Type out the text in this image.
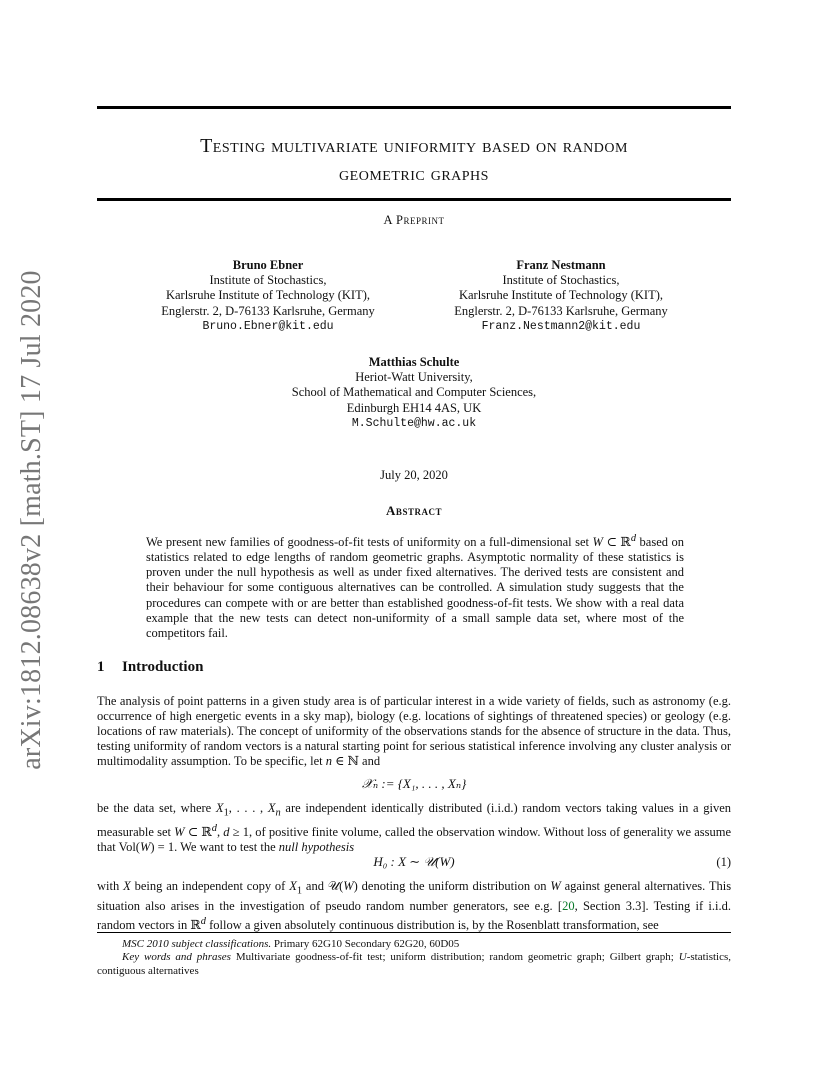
arXiv:1812.08638v2 [math.ST] 17 Jul 2020
Testing multivariate uniformity based on random
geometric graphs
A Preprint
Bruno Ebner
Institute of Stochastics,
Karlsruhe Institute of Technology (KIT),
Englerstr. 2, D-76133 Karlsruhe, Germany
Bruno.Ebner@kit.edu
Franz Nestmann
Institute of Stochastics,
Karlsruhe Institute of Technology (KIT),
Englerstr. 2, D-76133 Karlsruhe, Germany
Franz.Nestmann2@kit.edu
Matthias Schulte
Heriot-Watt University,
School of Mathematical and Computer Sciences,
Edinburgh EH14 4AS, UK
M.Schulte@hw.ac.uk
July 20, 2020
Abstract
We present new families of goodness-of-fit tests of uniformity on a full-dimensional set W ⊂ ℝ$^d$ based on statistics related to edge lengths of random geometric graphs. Asymptotic normality of these statistics is proven under the null hypothesis as well as under fixed alternatives. The derived tests are consistent and their behaviour for some contiguous alternatives can be controlled. A simulation study suggests that the procedures can compete with or are better than established goodness-of-fit tests. We show with a real data example that the new tests can detect non-uniformity of a small sample data set, where most of the competitors fail.
1 Introduction
The analysis of point patterns in a given study area is of particular interest in a wide variety of fields, such as astronomy (e.g. occurrence of high energetic events in a sky map), biology (e.g. locations of sightings of threatened species) or geology (e.g. locations of raw materials). The concept of uniformity of the observations stands for the absence of structure in the data. Thus, testing uniformity of random vectors is a natural starting point for serious statistical inference involving any cluster analysis or multimodality assumption. To be specific, let n ∈ ℕ and
𝒳ₙ := {X₁, . . . , Xₙ}
be the data set, where $X_1$, . . . , $X_n$ are independent identically distributed (i.i.d.) random vectors taking values in a given measurable set W ⊂ ℝ$^d$, d ≥ 1, of positive finite volume, called the observation window. Without loss of generality we assume that Vol(W) = 1. We want to test the null hypothesis
H₀ : X ∼ 𝒰(W)	(1)
with X being an independent copy of $X_1$ and 𝒰(W) denoting the uniform distribution on W against general alternatives. This situation also arises in the investigation of pseudo random number generators, see e.g. [20, Section 3.3]. Testing if i.i.d. random vectors in ℝ$^d$ follow a given absolutely continuous distribution is, by the Rosenblatt transformation, see
MSC 2010 subject classifications. Primary 62G10 Secondary 62G20, 60D05
Key words and phrases Multivariate goodness-of-fit test; uniform distribution; random geometric graph; Gilbert graph; U-statistics, contiguous alternatives
